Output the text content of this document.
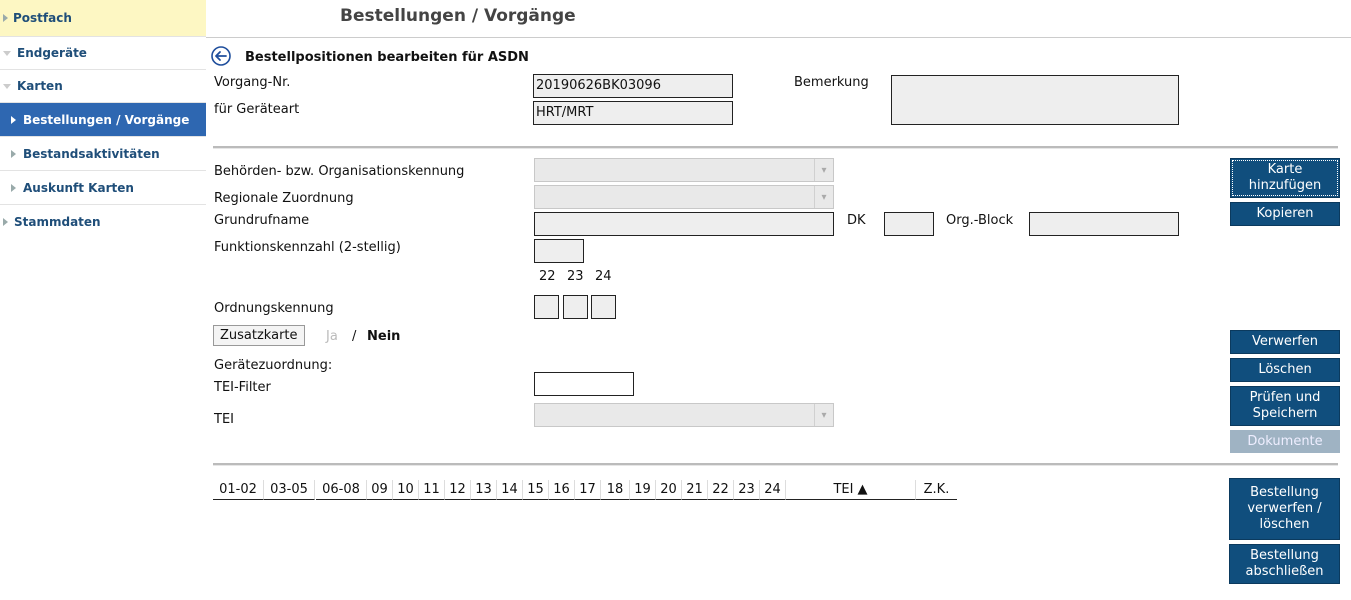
Postfach
Endgeräte
Karten
Bestellungen / Vorgänge
Bestandsaktivitäten
Auskunft Karten
Stammdaten
Bestellungen / Vorgänge
Bestellpositionen bearbeiten für ASDN
Vorgang-Nr.	20190626BK03096
für Geräteart	HRT/MRT
Bemerkung
Behörden- bzw. Organisationskennung	▾
Regionale Zuordnung	▾
Grundrufname	DK	Org.-Block
Funktionskennzahl (2-stellig)
22 23 24
Ordnungskennung
Zusatzkarte	Ja / Nein
Gerätezuordnung:
TEI-Filter
TEI	▾
Karte hinzufügen
Kopieren
Verwerfen
Löschen
Prüfen und Speichern
Dokumente
Bestellung verwerfen / löschen
Bestellung abschließen
01-02	03-05	06-08 09 10 11 12 13 14 15 16 17 18 19 20 21 22 23 24	TEI ▲	Z.K.
